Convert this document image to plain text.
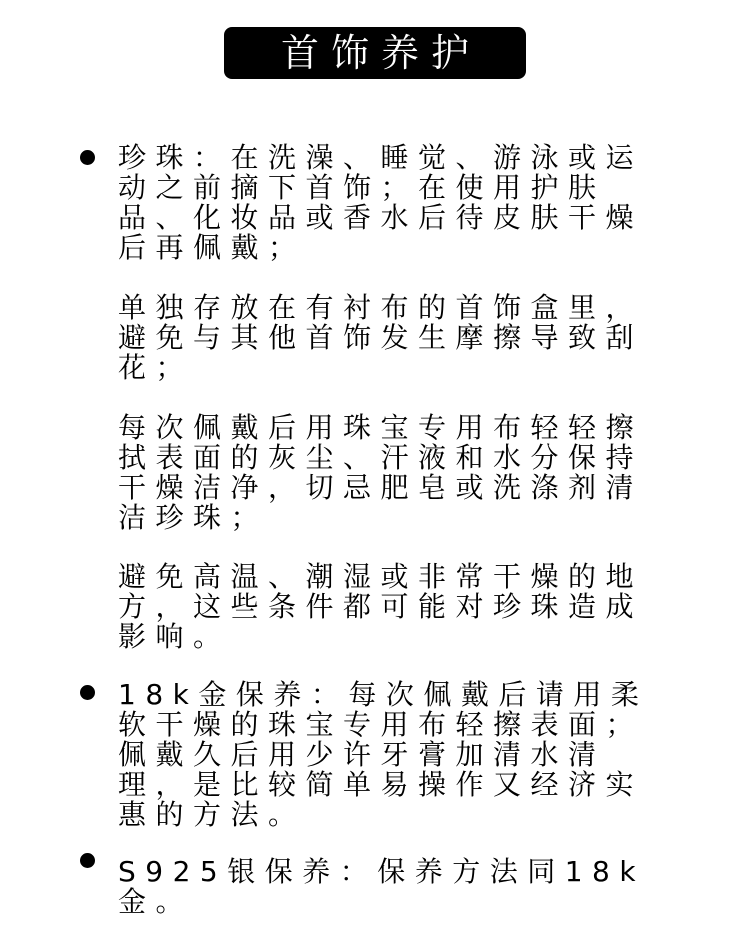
首饰养护

珍珠：在洗澡、睡觉、游泳或运动之前摘下首饰；在使用护肤品、化妆品或香水后待皮肤干燥后再佩戴；

单独存放在有衬布的首饰盒里，避免与其他首饰发生摩擦导致刮花；

每次佩戴后用珠宝专用布轻轻擦拭表面的灰尘、汗液和水分保持干燥洁净，切忌肥皂或洗涤剂清洁珍珠；

避免高温、潮湿或非常干燥的地方，这些条件都可能对珍珠造成影响。

18k金保养：每次佩戴后请用柔软干燥的珠宝专用布轻擦表面；佩戴久后用少许牙膏加清水清理，是比较简单易操作又经济实惠的方法。

S925银保养：保养方法同18k金。
